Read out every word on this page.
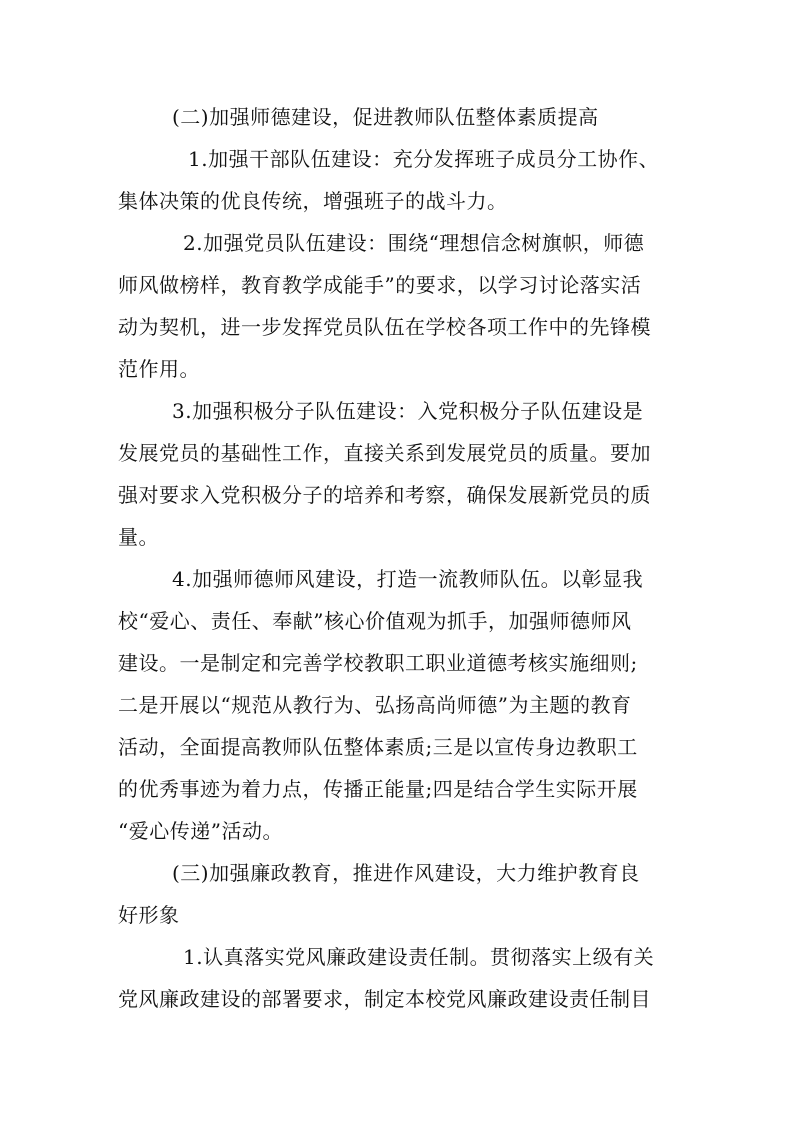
(二)加强师德建设，促进教师队伍整体素质提高
1.加强干部队伍建设：充分发挥班子成员分工协作、
集体决策的优良传统，增强班子的战斗力。
2.加强党员队伍建设：围绕“理想信念树旗帜，师德
师风做榜样，教育教学成能手”的要求，以学习讨论落实活
动为契机，进一步发挥党员队伍在学校各项工作中的先锋模
范作用。
3.加强积极分子队伍建设：入党积极分子队伍建设是
发展党员的基础性工作，直接关系到发展党员的质量。要加
强对要求入党积极分子的培养和考察，确保发展新党员的质
量。
4.加强师德师风建设，打造一流教师队伍。以彰显我
校“爱心、责任、奉献”核心价值观为抓手，加强师德师风
建设。一是制定和完善学校教职工职业道德考核实施细则;
二是开展以“规范从教行为、弘扬高尚师德”为主题的教育
活动，全面提高教师队伍整体素质;三是以宣传身边教职工
的优秀事迹为着力点，传播正能量;四是结合学生实际开展
“爱心传递”活动。
(三)加强廉政教育，推进作风建设，大力维护教育良
好形象
1.认真落实党风廉政建设责任制。贯彻落实上级有关
党风廉政建设的部署要求，制定本校党风廉政建设责任制目
